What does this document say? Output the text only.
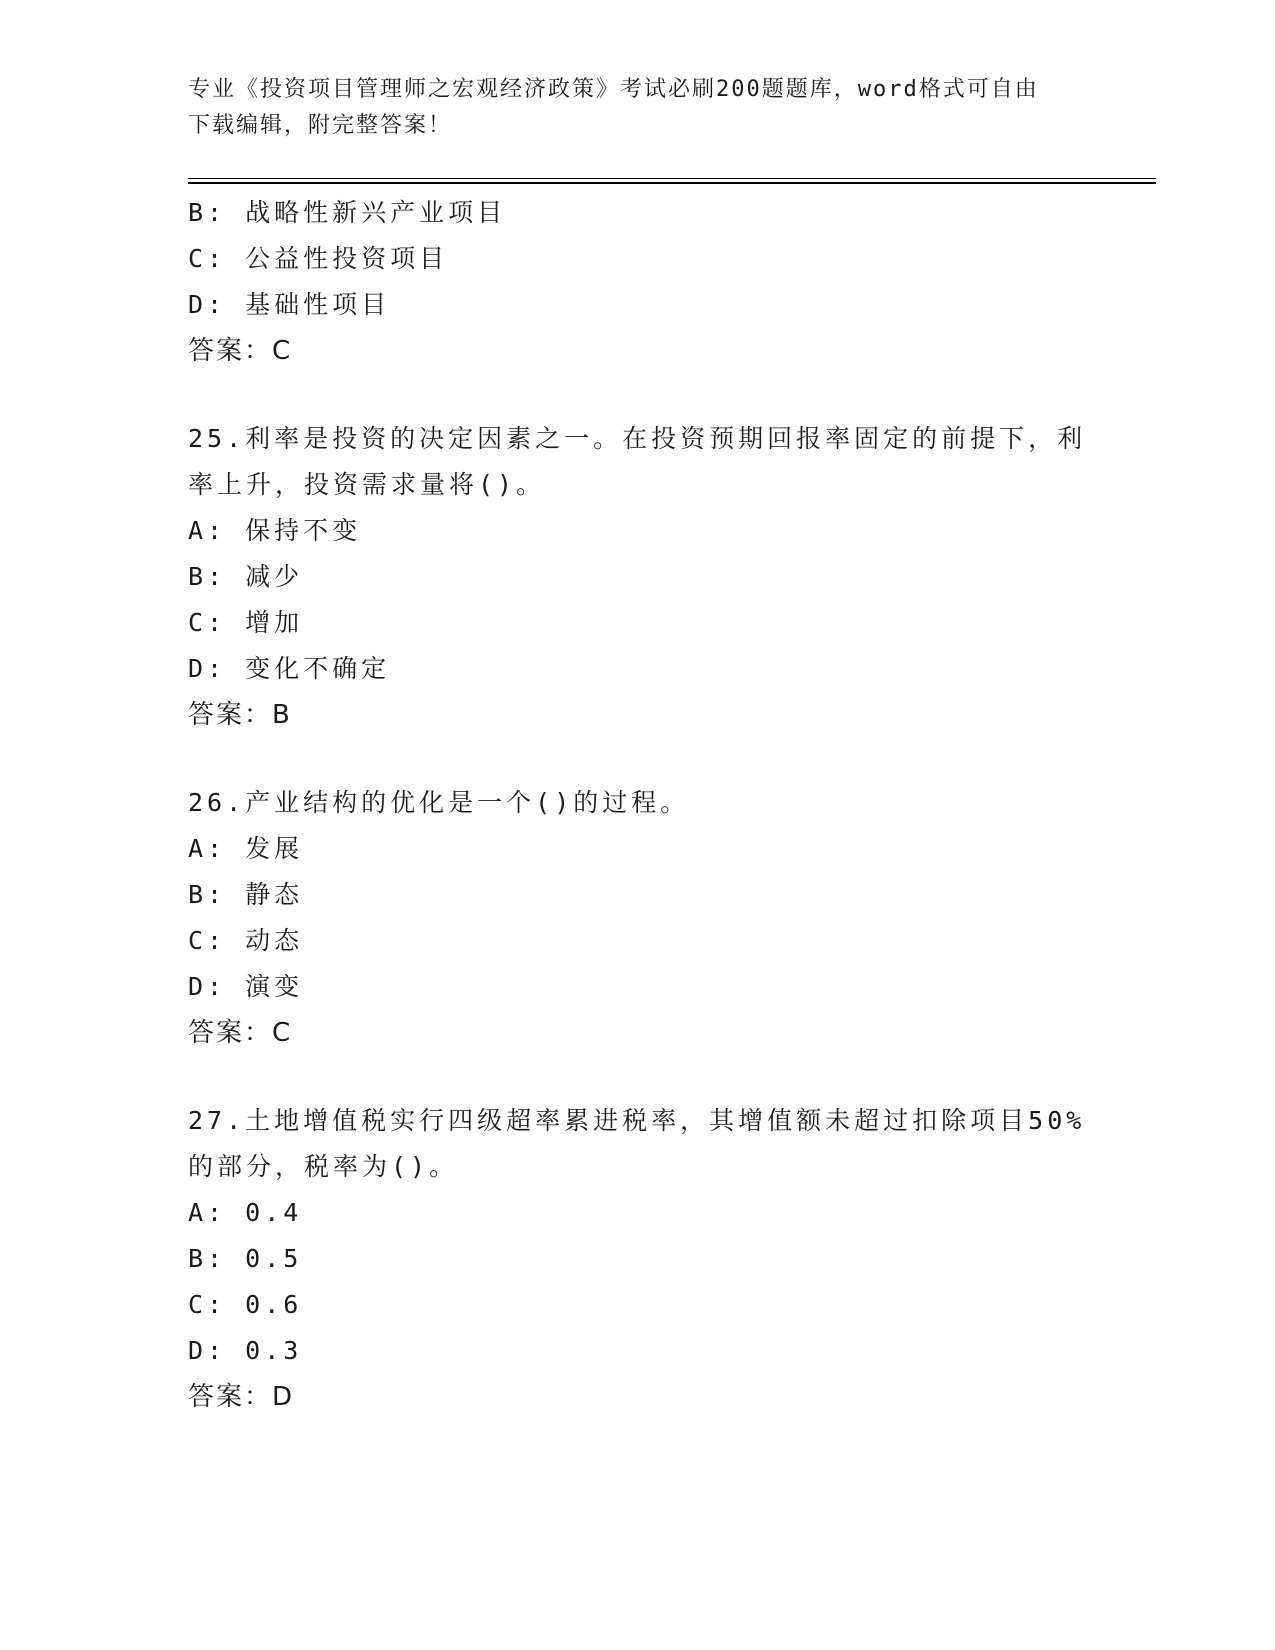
专业《投资项目管理师之宏观经济政策》考试必刷200题题库，word格式可自由
下载编辑，附完整答案！
B: 战略性新兴产业项目
C: 公益性投资项目
D: 基础性项目
答案：C
25.利率是投资的决定因素之一。在投资预期回报率固定的前提下，利
率上升，投资需求量将()。
A: 保持不变
B: 减少
C: 增加
D: 变化不确定
答案：B
26.产业结构的优化是一个()的过程。
A: 发展
B: 静态
C: 动态
D: 演变
答案：C
27.土地增值税实行四级超率累进税率，其增值额未超过扣除项目50%
的部分，税率为()。
A: 0.4
B: 0.5
C: 0.6
D: 0.3
答案：D
